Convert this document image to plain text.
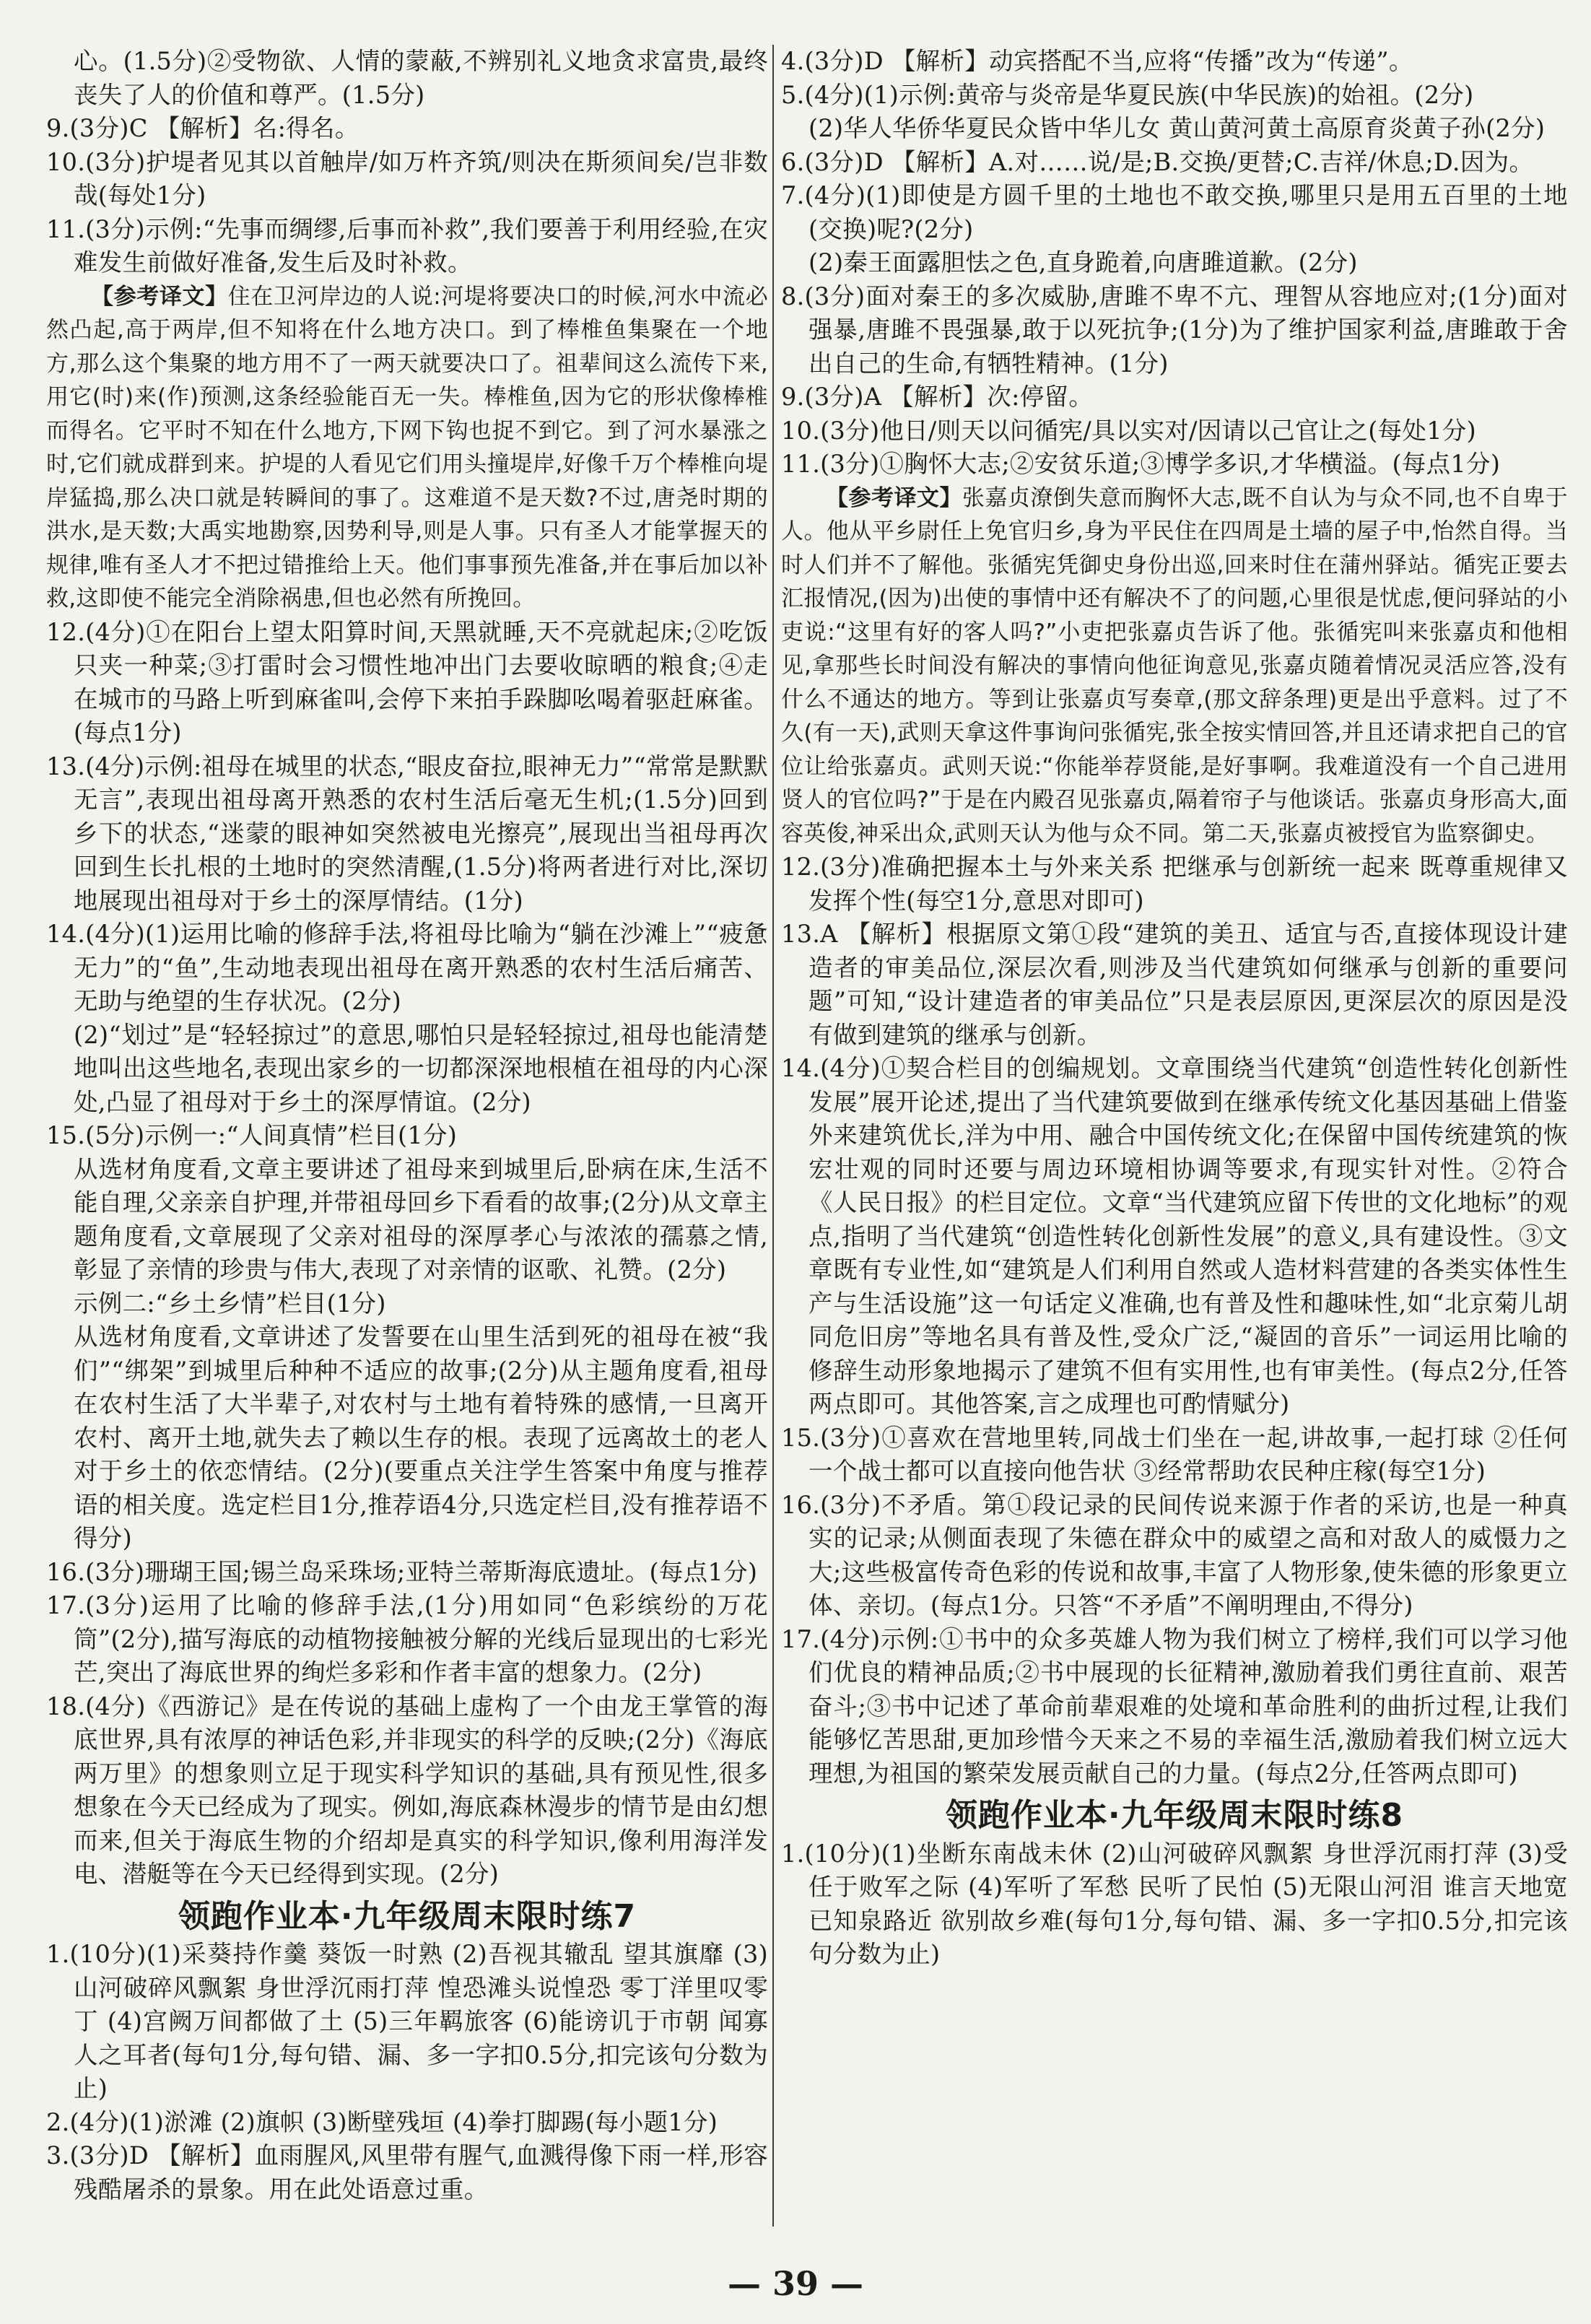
心。(1.5分)②受物欲、人情的蒙蔽,不辨别礼义地贪求富贵,最终丧失了人的价值和尊严。(1.5分)
9.(3分)C 【解析】名:得名。
10.(3分)护堤者见其以首触岸/如万杵齐筑/则决在斯须间矣/岂非数哉(每处1分)
11.(3分)示例:“先事而绸缪,后事而补救”,我们要善于利用经验,在灾难发生前做好准备,发生后及时补救。
【参考译文】住在卫河岸边的人说:河堤将要决口的时候,河水中流必然凸起,高于两岸,但不知将在什么地方决口。到了棒椎鱼集聚在一个地方,那么这个集聚的地方用不了一两天就要决口了。祖辈间这么流传下来,用它(时)来(作)预测,这条经验能百无一失。棒椎鱼,因为它的形状像棒椎而得名。它平时不知在什么地方,下网下钩也捉不到它。到了河水暴涨之时,它们就成群到来。护堤的人看见它们用头撞堤岸,好像千万个棒椎向堤岸猛捣,那么决口就是转瞬间的事了。这难道不是天数?不过,唐尧时期的洪水,是天数;大禹实地勘察,因势利导,则是人事。只有圣人才能掌握天的规律,唯有圣人才不把过错推给上天。他们事事预先准备,并在事后加以补救,这即使不能完全消除祸患,但也必然有所挽回。
12.(4分)①在阳台上望太阳算时间,天黑就睡,天不亮就起床;②吃饭只夹一种菜;③打雷时会习惯性地冲出门去要收晾晒的粮食;④走在城市的马路上听到麻雀叫,会停下来拍手跺脚吆喝着驱赶麻雀。(每点1分)
13.(4分)示例:祖母在城里的状态,“眼皮奋拉,眼神无力”“常常是默默无言”,表现出祖母离开熟悉的农村生活后毫无生机;(1.5分)回到乡下的状态,“迷蒙的眼神如突然被电光擦亮”,展现出当祖母再次回到生长扎根的土地时的突然清醒,(1.5分)将两者进行对比,深切地展现出祖母对于乡土的深厚情结。(1分)
14.(4分)(1)运用比喻的修辞手法,将祖母比喻为“躺在沙滩上”“疲惫无力”的“鱼”,生动地表现出祖母在离开熟悉的农村生活后痛苦、无助与绝望的生存状况。(2分)
(2)“划过”是“轻轻掠过”的意思,哪怕只是轻轻掠过,祖母也能清楚地叫出这些地名,表现出家乡的一切都深深地根植在祖母的内心深处,凸显了祖母对于乡土的深厚情谊。(2分)
15.(5分)示例一:“人间真情”栏目(1分)
从选材角度看,文章主要讲述了祖母来到城里后,卧病在床,生活不能自理,父亲亲自护理,并带祖母回乡下看看的故事;(2分)从文章主题角度看,文章展现了父亲对祖母的深厚孝心与浓浓的孺慕之情,彰显了亲情的珍贵与伟大,表现了对亲情的讴歌、礼赞。(2分)
示例二:“乡土乡情”栏目(1分)
从选材角度看,文章讲述了发誓要在山里生活到死的祖母在被“我们”“绑架”到城里后种种不适应的故事;(2分)从主题角度看,祖母在农村生活了大半辈子,对农村与土地有着特殊的感情,一旦离开农村、离开土地,就失去了赖以生存的根。表现了远离故土的老人对于乡土的依恋情结。(2分)(要重点关注学生答案中角度与推荐语的相关度。选定栏目1分,推荐语4分,只选定栏目,没有推荐语不得分)
16.(3分)珊瑚王国;锡兰岛采珠场;亚特兰蒂斯海底遗址。(每点1分)
17.(3分)运用了比喻的修辞手法,(1分)用如同“色彩缤纷的万花筒”(2分),描写海底的动植物接触被分解的光线后显现出的七彩光芒,突出了海底世界的绚烂多彩和作者丰富的想象力。(2分)
18.(4分)《西游记》是在传说的基础上虚构了一个由龙王掌管的海底世界,具有浓厚的神话色彩,并非现实的科学的反映;(2分)《海底两万里》的想象则立足于现实科学知识的基础,具有预见性,很多想象在今天已经成为了现实。例如,海底森林漫步的情节是由幻想而来,但关于海底生物的介绍却是真实的科学知识,像利用海洋发电、潜艇等在今天已经得到实现。(2分)
领跑作业本·九年级周末限时练7
1.(10分)(1)采葵持作羹 葵饭一时熟 (2)吾视其辙乱 望其旗靡 (3)山河破碎风飘絮 身世浮沉雨打萍 惶恐滩头说惶恐 零丁洋里叹零丁 (4)宫阙万间都做了土 (5)三年羁旅客 (6)能谤讥于市朝 闻寡人之耳者(每句1分,每句错、漏、多一字扣0.5分,扣完该句分数为止)
2.(4分)(1)淤滩 (2)旗帜 (3)断壁残垣 (4)拳打脚踢(每小题1分)
3.(3分)D 【解析】血雨腥风,风里带有腥气,血溅得像下雨一样,形容残酷屠杀的景象。用在此处语意过重。
4.(3分)D 【解析】动宾搭配不当,应将“传播”改为“传递”。
5.(4分)(1)示例:黄帝与炎帝是华夏民族(中华民族)的始祖。(2分)
(2)华人华侨华夏民众皆中华儿女 黄山黄河黄土高原育炎黄子孙(2分)
6.(3分)D 【解析】A.对……说/是;B.交换/更替;C.吉祥/休息;D.因为。
7.(4分)(1)即使是方圆千里的土地也不敢交换,哪里只是用五百里的土地(交换)呢?(2分)
(2)秦王面露胆怯之色,直身跪着,向唐雎道歉。(2分)
8.(3分)面对秦王的多次威胁,唐雎不卑不亢、理智从容地应对;(1分)面对强暴,唐雎不畏强暴,敢于以死抗争;(1分)为了维护国家利益,唐雎敢于舍出自己的生命,有牺牲精神。(1分)
9.(3分)A 【解析】次:停留。
10.(3分)他日/则天以问循宪/具以实对/因请以己官让之(每处1分)
11.(3分)①胸怀大志;②安贫乐道;③博学多识,才华横溢。(每点1分)
【参考译文】张嘉贞潦倒失意而胸怀大志,既不自认为与众不同,也不自卑于人。他从平乡尉任上免官归乡,身为平民住在四周是土墙的屋子中,怡然自得。当时人们并不了解他。张循宪凭御史身份出巡,回来时住在蒲州驿站。循宪正要去汇报情况,(因为)出使的事情中还有解决不了的问题,心里很是忧虑,便问驿站的小吏说:“这里有好的客人吗?”小吏把张嘉贞告诉了他。张循宪叫来张嘉贞和他相见,拿那些长时间没有解决的事情向他征询意见,张嘉贞随着情况灵活应答,没有什么不通达的地方。等到让张嘉贞写奏章,(那文辞条理)更是出乎意料。过了不久(有一天),武则天拿这件事询问张循宪,张全按实情回答,并且还请求把自己的官位让给张嘉贞。武则天说:“你能举荐贤能,是好事啊。我难道没有一个自己进用贤人的官位吗?”于是在内殿召见张嘉贞,隔着帘子与他谈话。张嘉贞身形高大,面容英俊,神采出众,武则天认为他与众不同。第二天,张嘉贞被授官为监察御史。
12.(3分)准确把握本土与外来关系 把继承与创新统一起来 既尊重规律又发挥个性(每空1分,意思对即可)
13.A 【解析】根据原文第①段“建筑的美丑、适宜与否,直接体现设计建造者的审美品位,深层次看,则涉及当代建筑如何继承与创新的重要问题”可知,“设计建造者的审美品位”只是表层原因,更深层次的原因是没有做到建筑的继承与创新。
14.(4分)①契合栏目的创编规划。文章围绕当代建筑“创造性转化创新性发展”展开论述,提出了当代建筑要做到在继承传统文化基因基础上借鉴外来建筑优长,洋为中用、融合中国传统文化;在保留中国传统建筑的恢宏壮观的同时还要与周边环境相协调等要求,有现实针对性。②符合《人民日报》的栏目定位。文章“当代建筑应留下传世的文化地标”的观点,指明了当代建筑“创造性转化创新性发展”的意义,具有建设性。③文章既有专业性,如“建筑是人们利用自然或人造材料营建的各类实体性生产与生活设施”这一句话定义准确,也有普及性和趣味性,如“北京菊儿胡同危旧房”等地名具有普及性,受众广泛,“凝固的音乐”一词运用比喻的修辞生动形象地揭示了建筑不但有实用性,也有审美性。(每点2分,任答两点即可。其他答案,言之成理也可酌情赋分)
15.(3分)①喜欢在营地里转,同战士们坐在一起,讲故事,一起打球 ②任何一个战士都可以直接向他告状 ③经常帮助农民种庄稼(每空1分)
16.(3分)不矛盾。第①段记录的民间传说来源于作者的采访,也是一种真实的记录;从侧面表现了朱德在群众中的威望之高和对敌人的威慑力之大;这些极富传奇色彩的传说和故事,丰富了人物形象,使朱德的形象更立体、亲切。(每点1分。只答“不矛盾”不阐明理由,不得分)
17.(4分)示例:①书中的众多英雄人物为我们树立了榜样,我们可以学习他们优良的精神品质;②书中展现的长征精神,激励着我们勇往直前、艰苦奋斗;③书中记述了革命前辈艰难的处境和革命胜利的曲折过程,让我们能够忆苦思甜,更加珍惜今天来之不易的幸福生活,激励着我们树立远大理想,为祖国的繁荣发展贡献自己的力量。(每点2分,任答两点即可)
领跑作业本·九年级周末限时练8
1.(10分)(1)坐断东南战未休 (2)山河破碎风飘絮 身世浮沉雨打萍 (3)受任于败军之际 (4)军听了军愁 民听了民怕 (5)无限山河泪 谁言天地宽 已知泉路近 欲别故乡难(每句1分,每句错、漏、多一字扣0.5分,扣完该句分数为止)
— 39 —
